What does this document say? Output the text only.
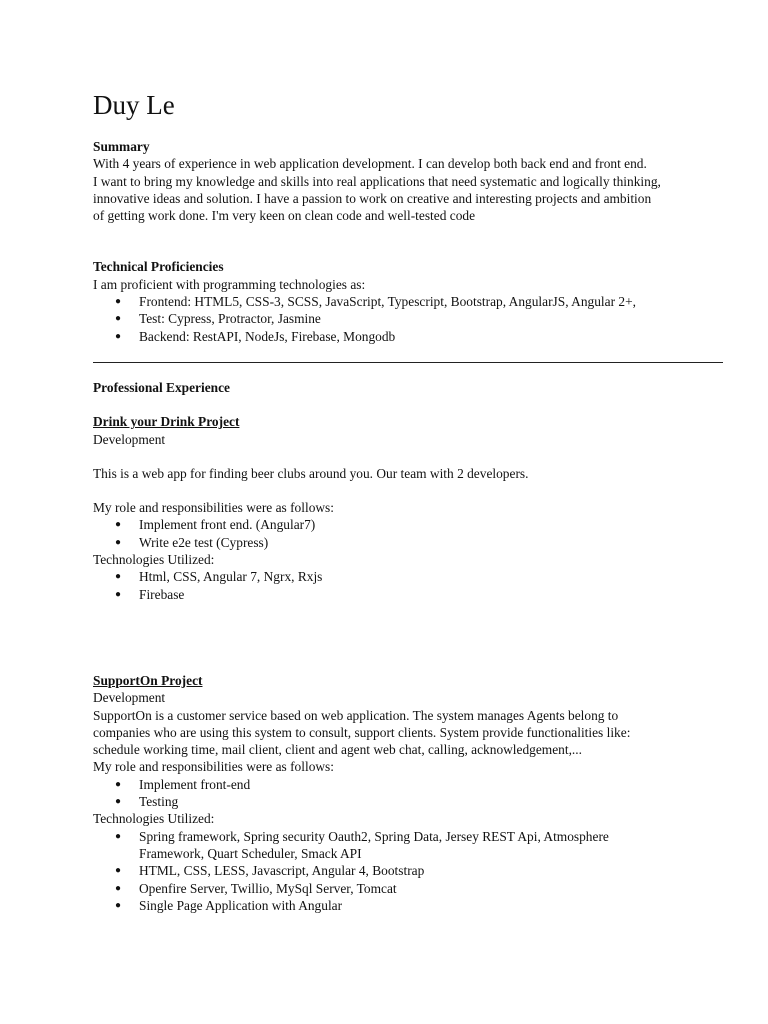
Duy Le

Summary

With 4 years of experience in web application development. I can develop both back end and front end.

I want to bring my knowledge and skills into real applications that need systematic and logically thinking,

innovative ideas and solution. I have a passion to work on creative and interesting projects and ambition

of getting work done. I'm very keen on clean code and well-tested code

Technical Proficiencies

I am proficient with programming technologies as:

● Frontend: HTML5, CSS-3, SCSS, JavaScript, Typescript, Bootstrap, AngularJS, Angular 2+,
● Test: Cypress, Protractor, Jasmine
● Backend: RestAPI, NodeJs, Firebase, Mongodb

Professional Experience

Drink your Drink Project

Development

This is a web app for finding beer clubs around you. Our team with 2 developers.

My role and responsibilities were as follows:

● Implement front end. (Angular7)
● Write e2e test (Cypress)

Technologies Utilized:

● Html, CSS, Angular 7, Ngrx, Rxjs
● Firebase

SupportOn Project

Development

SupportOn is a customer service based on web application. The system manages Agents belong to

companies who are using this system to consult, support clients. System provide functionalities like:

schedule working time, mail client, client and agent web chat, calling, acknowledgement,...

My role and responsibilities were as follows:

● Implement front-end
● Testing

Technologies Utilized:

● Spring framework, Spring security Oauth2, Spring Data, Jersey REST Api, Atmosphere
Framework, Quart Scheduler, Smack API
● HTML, CSS, LESS, Javascript, Angular 4, Bootstrap
● Openfire Server, Twillio, MySql Server, Tomcat
● Single Page Application with Angular
